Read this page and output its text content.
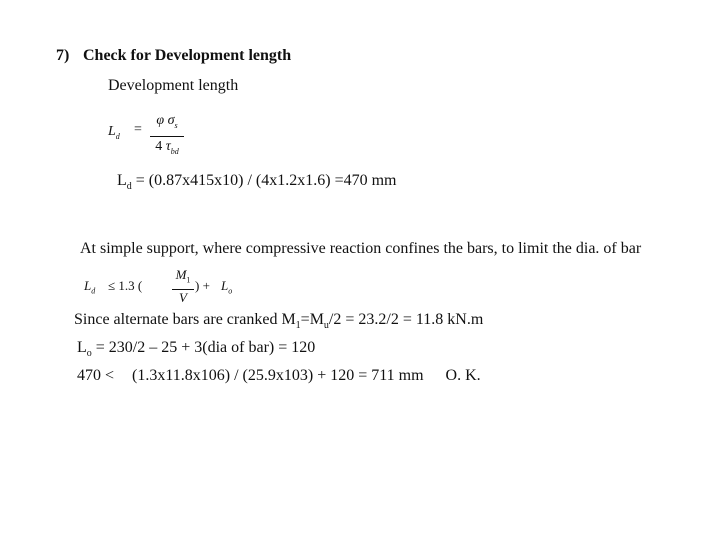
7) Check for Development length
Development length
$L_d$ =
φ $\sigma_s$
4 $\tau_{bd}$
$L_d = (0.87x415x10) / (4x1.2x1.6) =470$ mm
At simple support, where compressive reaction confines the bars, to limit the dia. of bar
$L_d \le 1.3$ (
$M_1$
V
) + $L_o$
Since alternate bars are cranked $M_1=M_u/2 = 23.2/2 = 11.8$ kN.m
$L_o = 230/2 - 25 + 3(dia$ of bar) = 120
470 < (1.3x11.8x106) / (25.9x103) + 120 = 711 mm O. K.
